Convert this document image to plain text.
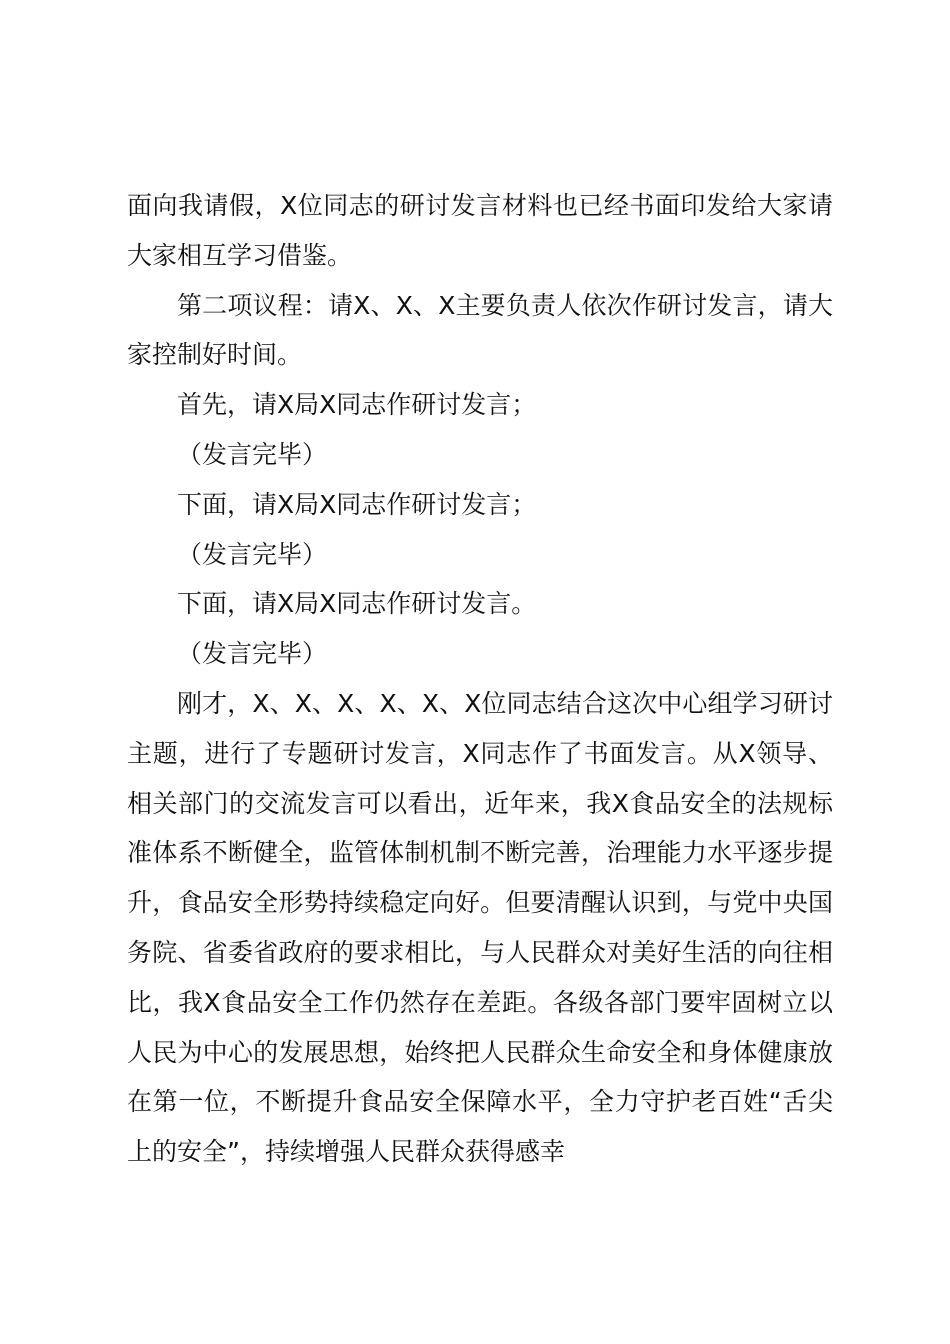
面向我请假，X位同志的研讨发言材料也已经书面印发给大家请大家相互学习借鉴。

第二项议程：请X、X、X主要负责人依次作研讨发言，请大家控制好时间。

首先，请X局X同志作研讨发言；

（发言完毕）

下面，请X局X同志作研讨发言；

（发言完毕）

下面，请X局X同志作研讨发言。

（发言完毕）

刚才，X、X、X、X、X、X位同志结合这次中心组学习研讨主题，进行了专题研讨发言，X同志作了书面发言。从X领导、相关部门的交流发言可以看出，近年来，我X食品安全的法规标准体系不断健全，监管体制机制不断完善，治理能力水平逐步提升，食品安全形势持续稳定向好。但要清醒认识到，与党中央国务院、省委省政府的要求相比，与人民群众对美好生活的向往相比，我X食品安全工作仍然存在差距。各级各部门要牢固树立以人民为中心的发展思想，始终把人民群众生命安全和身体健康放在第一位，不断提升食品安全保障水平，全力守护老百姓“舌尖上的安全”，持续增强人民群众获得感幸
